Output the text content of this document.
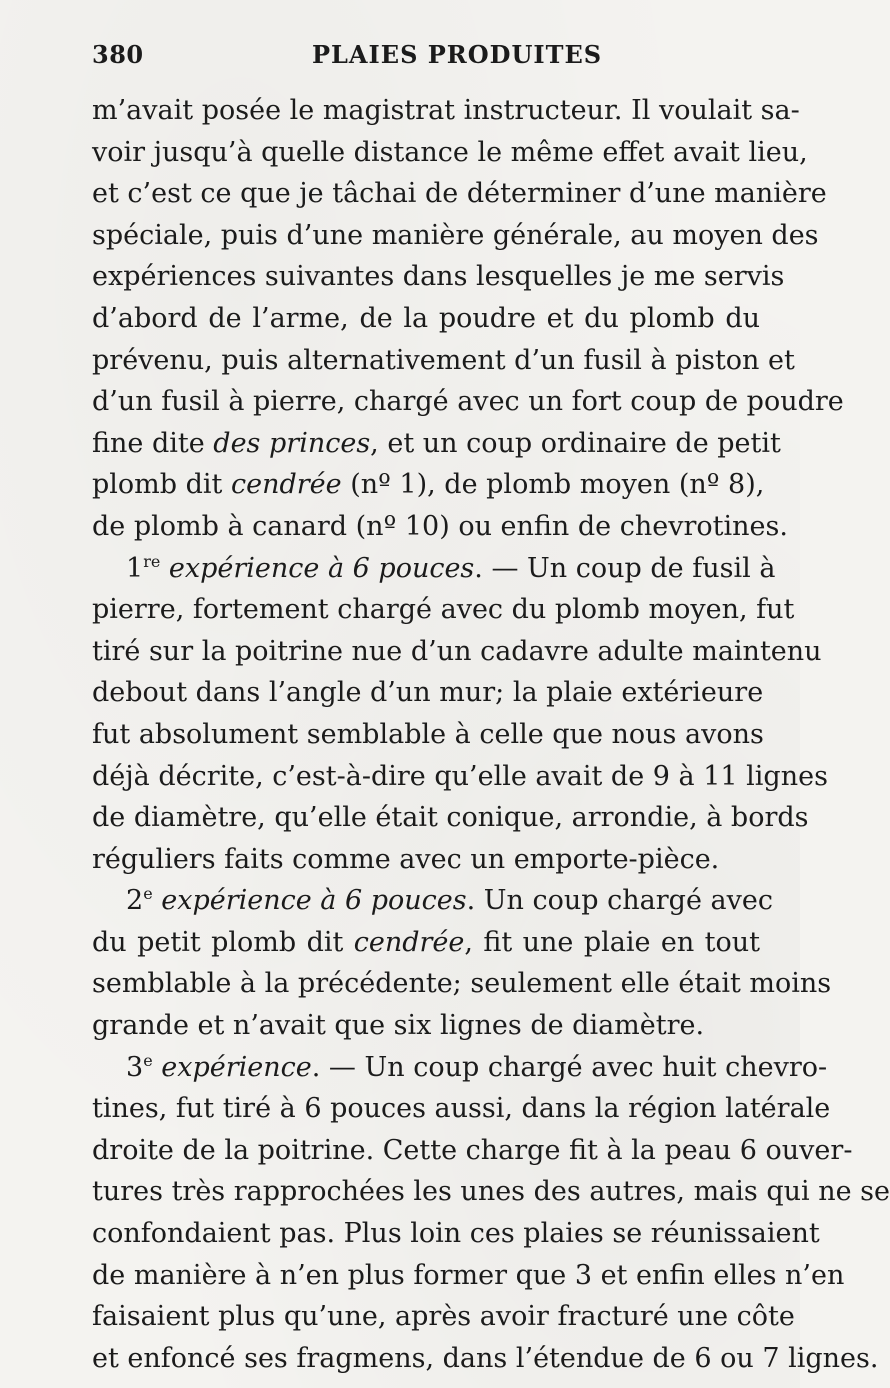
380	PLAIES PRODUITES
m’avait posée le magistrat instructeur. Il voulait sa-
voir jusqu’à quelle distance le même effet avait lieu,
et c’est ce que je tâchai de déterminer d’une manière
spéciale, puis d’une manière générale, au moyen des
expériences suivantes dans lesquelles je me servis
d’abord de l’arme, de la poudre et du plomb du
prévenu, puis alternativement d’un fusil à piston et
d’un fusil à pierre, chargé avec un fort coup de poudre
fine dite des princes, et un coup ordinaire de petit
plomb dit cendrée (nº 1), de plomb moyen (nº 8),
de plomb à canard (nº 10) ou enfin de chevrotines.
1re expérience à 6 pouces. — Un coup de fusil à
pierre, fortement chargé avec du plomb moyen, fut
tiré sur la poitrine nue d’un cadavre adulte maintenu
debout dans l’angle d’un mur; la plaie extérieure
fut absolument semblable à celle que nous avons
déjà décrite, c’est-à-dire qu’elle avait de 9 à 11 lignes
de diamètre, qu’elle était conique, arrondie, à bords
réguliers faits comme avec un emporte-pièce.
2e expérience à 6 pouces. Un coup chargé avec
du petit plomb dit cendrée, fit une plaie en tout
semblable à la précédente; seulement elle était moins
grande et n’avait que six lignes de diamètre.
3e expérience. — Un coup chargé avec huit chevro-
tines, fut tiré à 6 pouces aussi, dans la région latérale
droite de la poitrine. Cette charge fit à la peau 6 ouver-
tures très rapprochées les unes des autres, mais qui ne se
confondaient pas. Plus loin ces plaies se réunissaient
de manière à n’en plus former que 3 et enfin elles n’en
faisaient plus qu’une, après avoir fracturé une côte
et enfoncé ses fragmens, dans l’étendue de 6 ou 7 lignes.
